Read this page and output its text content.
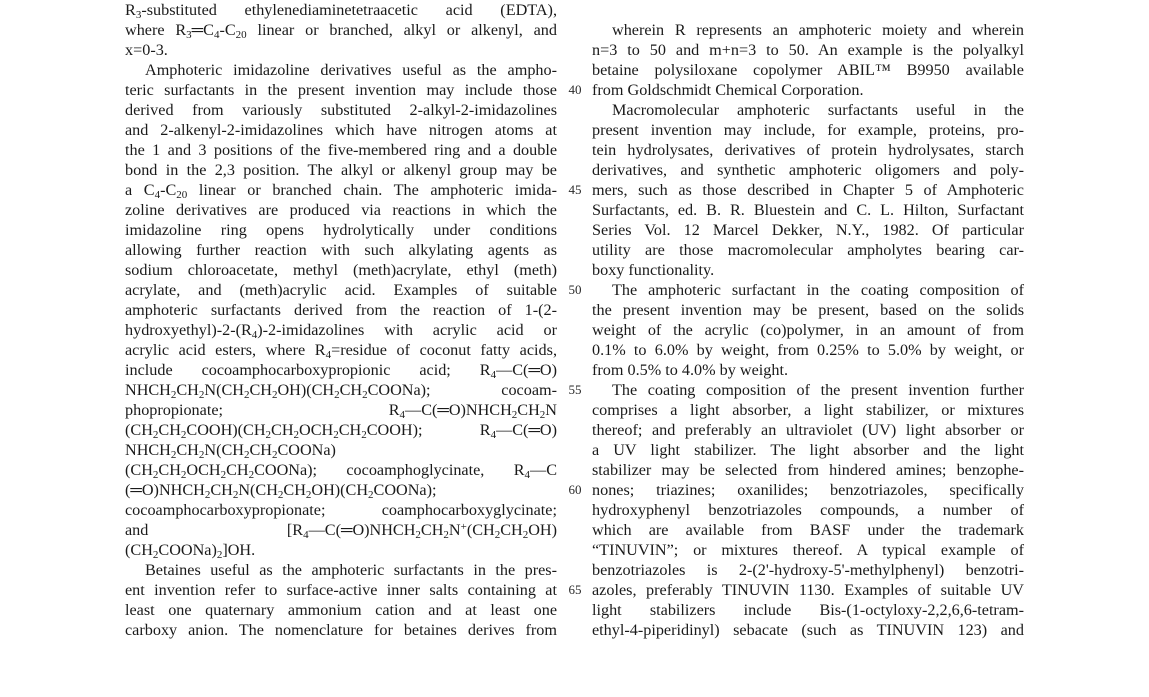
$R_3$-substituted ethylenediaminetetraacetic acid (EDTA),
where $R_3═C_4-C_{20}$ linear or branched, alkyl or alkenyl, and
x=0-3.
Amphoteric imidazoline derivatives useful as the ampho-
teric surfactants in the present invention may include those
derived from variously substituted 2-alkyl-2-imidazolines
and 2-alkenyl-2-imidazolines which have nitrogen atoms at
the 1 and 3 positions of the five-membered ring and a double
bond in the 2,3 position. The alkyl or alkenyl group may be
a $C_4-C_{20}$ linear or branched chain. The amphoteric imida-
zoline derivatives are produced via reactions in which the
imidazoline ring opens hydrolytically under conditions
allowing further reaction with such alkylating agents as
sodium chloroacetate, methyl (meth)acrylate, ethyl (meth)
acrylate, and (meth)acrylic acid. Examples of suitable
amphoteric surfactants derived from the reaction of 1-(2-
$hydroxyethyl)-2-(R_4)-2$-imidazolines with acrylic acid or
acrylic acid esters, where $R_4=residue$ of coconut fatty acids,
include cocoamphocarboxypropionic acid; $R_4—C(═O)$
$NHCH_2CH_2N(CH_2CH_2OH)(CH_2CH_2COONa)$; cocoam-
phopropionate; $R_4—C(═O)NHCH_2CH_2N$
$(CH_2CH_2COOH)(CH_2CH_2OCH_2CH_2COOH)$; $R_4—C(═O)$
$NHCH_2CH_2N(CH_2CH_2COONa)$
$(CH_2CH_2OCH_2CH_2COONa)$; cocoamphoglycinate, $R_4—C$
$(═O)NHCH_2CH_2N(CH_2CH_2OH)(CH_2COONa)$;
cocoamphocarboxypropionate; coamphocarboxyglycinate;
and [$R_4—C(═O)NHCH_2CH_2N^+(CH_2CH_2OH)$
$(CH_2COONa)_2]OH$.
Betaines useful as the amphoteric surfactants in the pres-
ent invention refer to surface-active inner salts containing at
least one quaternary ammonium cation and at least one
carboxy anion. The nomenclature for betaines derives from
40
45
50
55
60
65
wherein R represents an amphoteric moiety and wherein
n=3 to 50 and m+n=3 to 50. An example is the polyalkyl
betaine polysiloxane copolymer ABIL™ B9950 available
from Goldschmidt Chemical Corporation.
Macromolecular amphoteric surfactants useful in the
present invention may include, for example, proteins, pro-
tein hydrolysates, derivatives of protein hydrolysates, starch
derivatives, and synthetic amphoteric oligomers and poly-
mers, such as those described in Chapter 5 of Amphoteric
Surfactants, ed. B. R. Bluestein and C. L. Hilton, Surfactant
Series Vol. 12 Marcel Dekker, N.Y., 1982. Of particular
utility are those macromolecular ampholytes bearing car-
boxy functionality.
The amphoteric surfactant in the coating composition of
the present invention may be present, based on the solids
weight of the acrylic (co)polymer, in an amount of from
0.1% to 6.0% by weight, from 0.25% to 5.0% by weight, or
from 0.5% to 4.0% by weight.
The coating composition of the present invention further
comprises a light absorber, a light stabilizer, or mixtures
thereof; and preferably an ultraviolet (UV) light absorber or
a UV light stabilizer. The light absorber and the light
stabilizer may be selected from hindered amines; benzophe-
nones; triazines; oxanilides; benzotriazoles, specifically
hydroxyphenyl benzotriazoles compounds, a number of
which are available from BASF under the trademark
“TINUVIN”; or mixtures thereof. A typical example of
benzotriazoles is 2-(2'-hydroxy-5'-methylphenyl) benzotri-
azoles, preferably TINUVIN 1130. Examples of suitable UV
light stabilizers include Bis-(1-octyloxy-2,2,6,6-tetram-
ethyl-4-piperidinyl) sebacate (such as TINUVIN 123) and
